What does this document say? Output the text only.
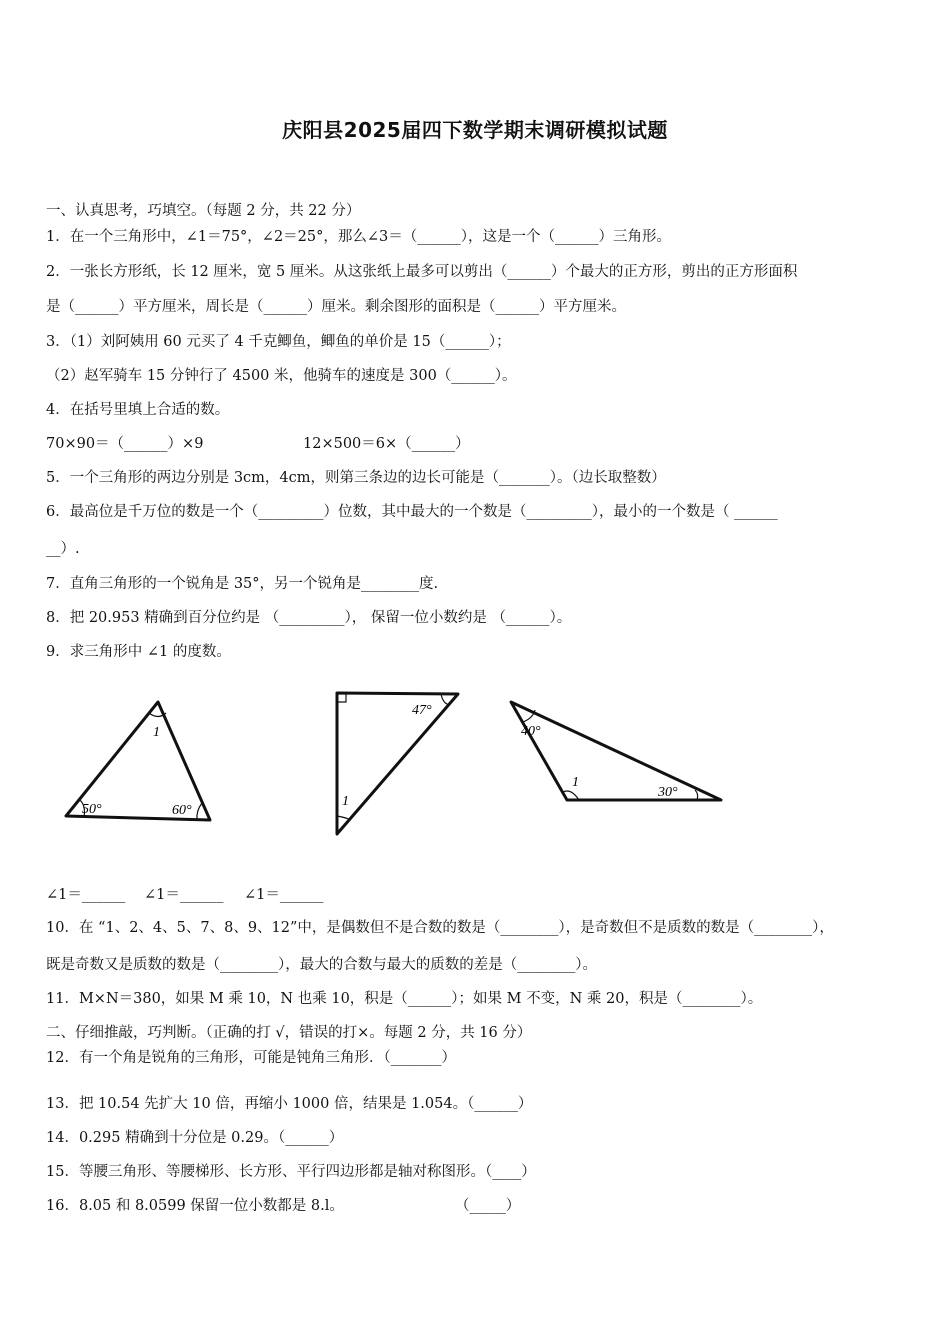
庆阳县2025届四下数学期末调研模拟试题
一、认真思考，巧填空。（每题 2 分，共 22 分）
1．在一个三角形中，∠1＝75°，∠2＝25°，那么∠3＝（______），这是一个（______）三角形。
2．一张长方形纸，长 12 厘米，宽 5 厘米。从这张纸上最多可以剪出（______）个最大的正方形，剪出的正方形面积
是（______）平方厘米，周长是（______）厘米。剩余图形的面积是（______）平方厘米。
3．（1）刘阿姨用 60 元买了 4 千克鲫鱼，鲫鱼的单价是 15（______）；
（2）赵军骑车 15 分钟行了 4500 米，他骑车的速度是 300（______）。
4．在括号里填上合适的数。
70×90＝（______）×9	12×500＝6×（______）
5．一个三角形的两边分别是 3cm，4cm，则第三条边的边长可能是（_______）。（边长取整数）
6．最高位是千万位的数是一个（_________）位数，其中最大的一个数是（_________），最小的一个数是（ ______
__）.
7．直角三角形的一个锐角是 35°，另一个锐角是________度.
8．把 20.953 精确到百分位约是 （_________）， 保留一位小数约是 （______）。
9．求三角形中 ∠1 的度数。
1
50°	60°
47°
1
40°
1
30°
∠1＝______ ∠1＝______ ∠1＝______
10．在 “1、2、4、5、7、8、9、12”中，是偶数但不是合数的数是（________），是奇数但不是质数的数是（________），
既是奇数又是质数的数是（________），最大的合数与最大的质数的差是（________）。
11．M×N＝380，如果 M 乘 10，N 也乘 10，积是（______）；如果 M 不变，N 乘 20，积是（________）。
二、仔细推敲，巧判断。（正确的打 √，错误的打×。每题 2 分，共 16 分）
12．有一个角是锐角的三角形，可能是钝角三角形．（_______）
13．把 10.54 先扩大 10 倍，再缩小 1000 倍，结果是 1.054。（______）
14．0.295 精确到十分位是 0.29。（______）
15．等腰三角形、等腰梯形、长方形、平行四边形都是轴对称图形。（____）
16．8.05 和 8.0599 保留一位小数都是 8.l。	（_____）
